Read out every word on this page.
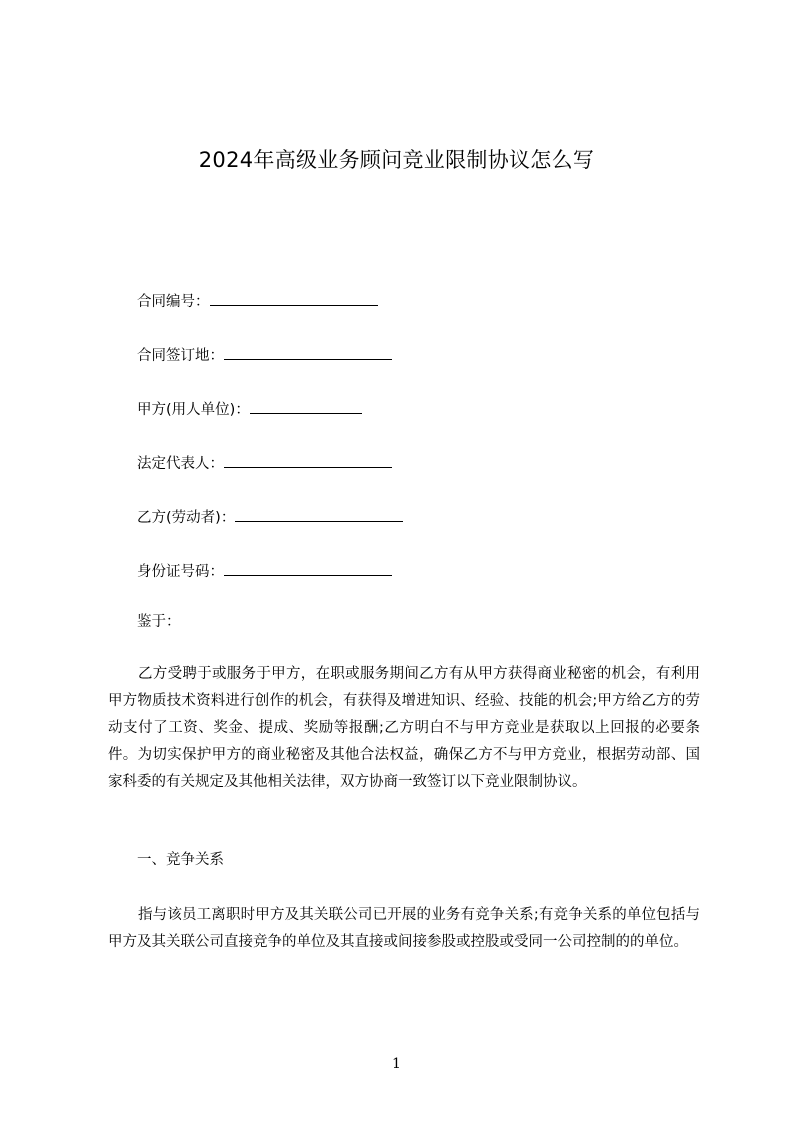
2024年高级业务顾问竞业限制协议怎么写
合同编号：
合同签订地：
甲方(用人单位)：
法定代表人：
乙方(劳动者)：
身份证号码：
鉴于：
乙方受聘于或服务于甲方，在职或服务期间乙方有从甲方获得商业秘密的机会，有利用甲方物质技术资料进行创作的机会，有获得及增进知识、经验、技能的机会;甲方给乙方的劳动支付了工资、奖金、提成、奖励等报酬;乙方明白不与甲方竞业是获取以上回报的必要条件。为切实保护甲方的商业秘密及其他合法权益，确保乙方不与甲方竞业，根据劳动部、国家科委的有关规定及其他相关法律，双方协商一致签订以下竞业限制协议。
一、竞争关系
指与该员工离职时甲方及其关联公司已开展的业务有竞争关系;有竞争关系的单位包括与甲方及其关联公司直接竞争的单位及其直接或间接参股或控股或受同一公司控制的的单位。
1
